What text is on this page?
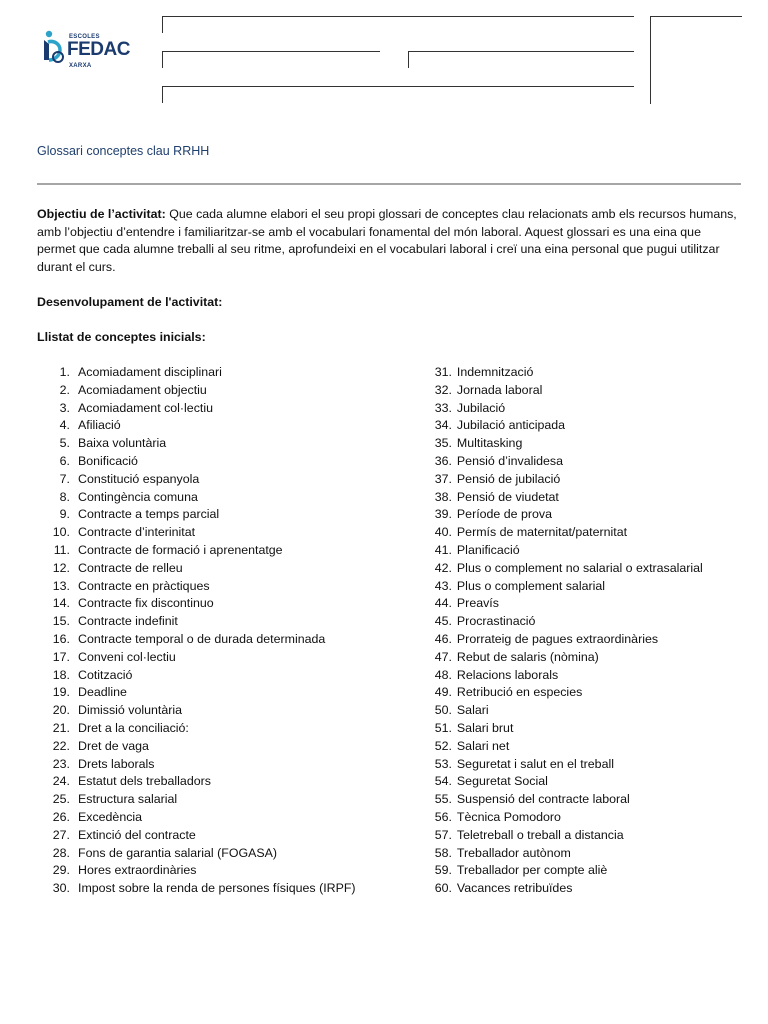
ESCOLES
FEDAC
XARXA
Glossari conceptes clau RRHH
Objectiu de l’activitat: Que cada alumne elabori el seu propi glossari de conceptes clau relacionats amb els recursos humans, amb l’objectiu d’entendre i familiaritzar-se amb el vocabulari fonamental del món laboral. Aquest glossari es una eina que permet que cada alumne treballi al seu ritme, aprofundeixi en el vocabulari laboral i creï una eina personal que pugui utilitzar durant el curs.
Desenvolupament de l'activitat:
Llistat de conceptes inicials:
1. Acomiadament disciplinari
2. Acomiadament objectiu
3. Acomiadament col·lectiu
4. Afiliació
5. Baixa voluntària
6. Bonificació
7. Constitució espanyola
8. Contingència comuna
9. Contracte a temps parcial
10. Contracte d’interinitat
11. Contracte de formació i aprenentatge
12. Contracte de relleu
13. Contracte en pràctiques
14. Contracte fix discontinuo
15. Contracte indefinit
16. Contracte temporal o de durada determinada
17. Conveni col·lectiu
18. Cotització
19. Deadline
20. Dimissió voluntària
21. Dret a la conciliació:
22. Dret de vaga
23. Drets laborals
24. Estatut dels treballadors
25. Estructura salarial
26. Excedència
27. Extinció del contracte
28. Fons de garantia salarial (FOGASA)
29. Hores extraordinàries
30. Impost sobre la renda de persones físiques (IRPF)
31. Indemnització
32. Jornada laboral
33. Jubilació
34. Jubilació anticipada
35. Multitasking
36. Pensió d’invalidesa
37. Pensió de jubilació
38. Pensió de viudetat
39. Període de prova
40. Permís de maternitat/paternitat
41. Planificació
42. Plus o complement no salarial o extrasalarial
43. Plus o complement salarial
44. Preavís
45. Procrastinació
46. Prorrateig de pagues extraordinàries
47. Rebut de salaris (nòmina)
48. Relacions laborals
49. Retribució en especies
50. Salari
51. Salari brut
52. Salari net
53. Seguretat i salut en el treball
54. Seguretat Social
55. Suspensió del contracte laboral
56. Tècnica Pomodoro
57. Teletreball o treball a distancia
58. Treballador autònom
59. Treballador per compte aliè
60. Vacances retribuïdes
